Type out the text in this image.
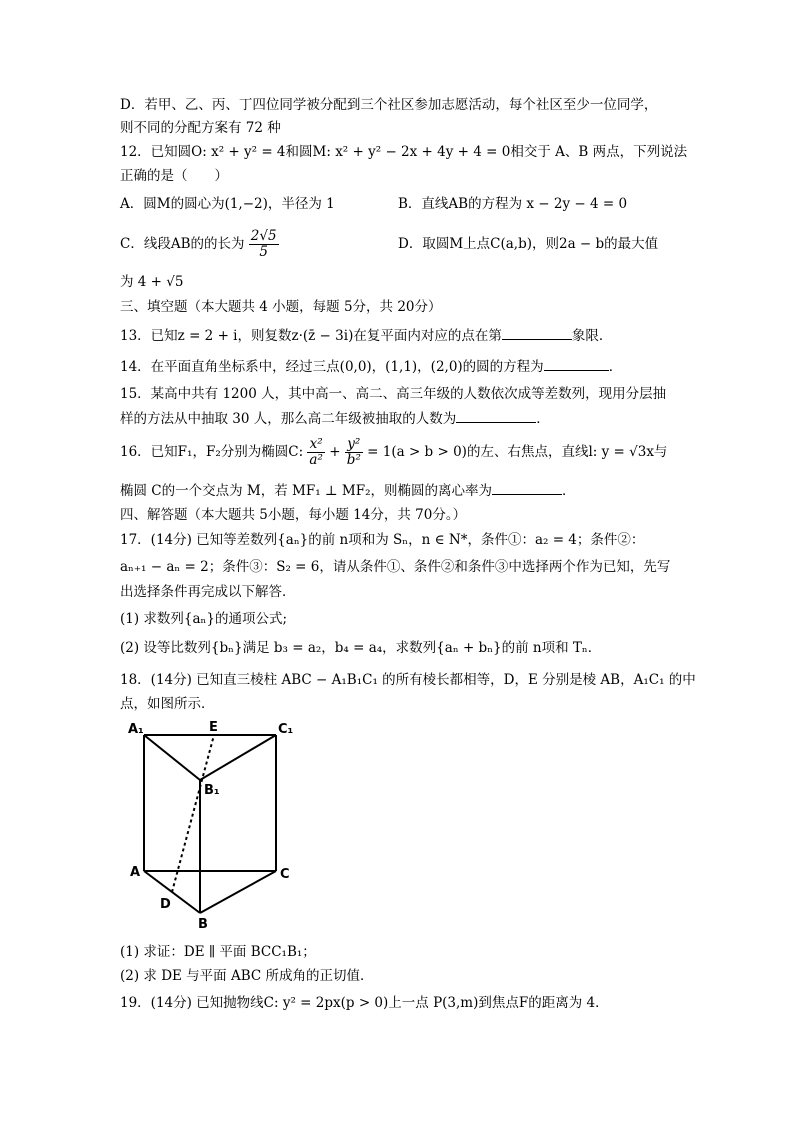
D．若甲、乙、丙、丁四位同学被分配到三个社区参加志愿活动，每个社区至少一位同学，
则不同的分配方案有 72 种
12．已知圆O: x² + y² = 4和圆M: x² + y² − 2x + 4y + 4 = 0相交于 A、B 两点，下列说法
正确的是（　　）
A．圆M的圆心为(1,−2)，半径为 1	B．直线AB的方程为 x − 2y − 4 = 0
C．线段AB的的长为 $\frac{2√5}{5}$	D．取圆M上点C(a,b)，则2a − b的最大值
为 4 + √5
三、填空题（本大题共 4 小题，每题 5分，共 20分）
13．已知z = 2 + i，则复数z·(z̄ − 3i)在复平面内对应的点在第	象限．
14．在平面直角坐标系中，经过三点(0,0)，(1,1)，(2,0)的圆的方程为	．
15．某高中共有 1200 人，其中高一、高二、高三年级的人数依次成等差数列，现用分层抽
样的方法从中抽取 30 人，那么高二年级被抽取的人数为	．
16．已知F₁，F₂分别为椭圆C: $\frac{\text{x²}}{\text{a²}} + \frac{\text{y²}}{\text{b²}} = 1(a > b > 0)$的左、右焦点，直线l: y = √3x与
椭圆 C的一个交点为 M，若 MF₁ ⊥ MF₂，则椭圆的离心率为	．
四、解答题（本大题共 5小题，每小题 14分，共 70分。）
17．(14分) 已知等差数列{aₙ}的前 n项和为 Sₙ，n ∈ N*，条件①：a₂ = 4；条件②：
aₙ₊₁ − aₙ = 2；条件③：S₂ = 6，请从条件①、条件②和条件③中选择两个作为已知，先写
出选择条件再完成以下解答．
(1) 求数列{aₙ}的通项公式;
(2) 设等比数列{bₙ}满足 b₃ = a₂，b₄ = a₄，求数列{aₙ + bₙ}的前 n项和 Tₙ．
18．(14分) 已知直三棱柱 ABC − A₁B₁C₁ 的所有棱长都相等，D，E 分别是棱 AB，A₁C₁ 的中
点，如图所示．
A₁	E	C₁
B₁
A	C
D
B
(1) 求证：DE ∥ 平面 BCC₁B₁；
(2) 求 DE 与平面 ABC 所成角的正切值．
19．(14分) 已知抛物线C: y² = 2px(p > 0)上一点 P(3,m)到焦点F的距离为 4．
